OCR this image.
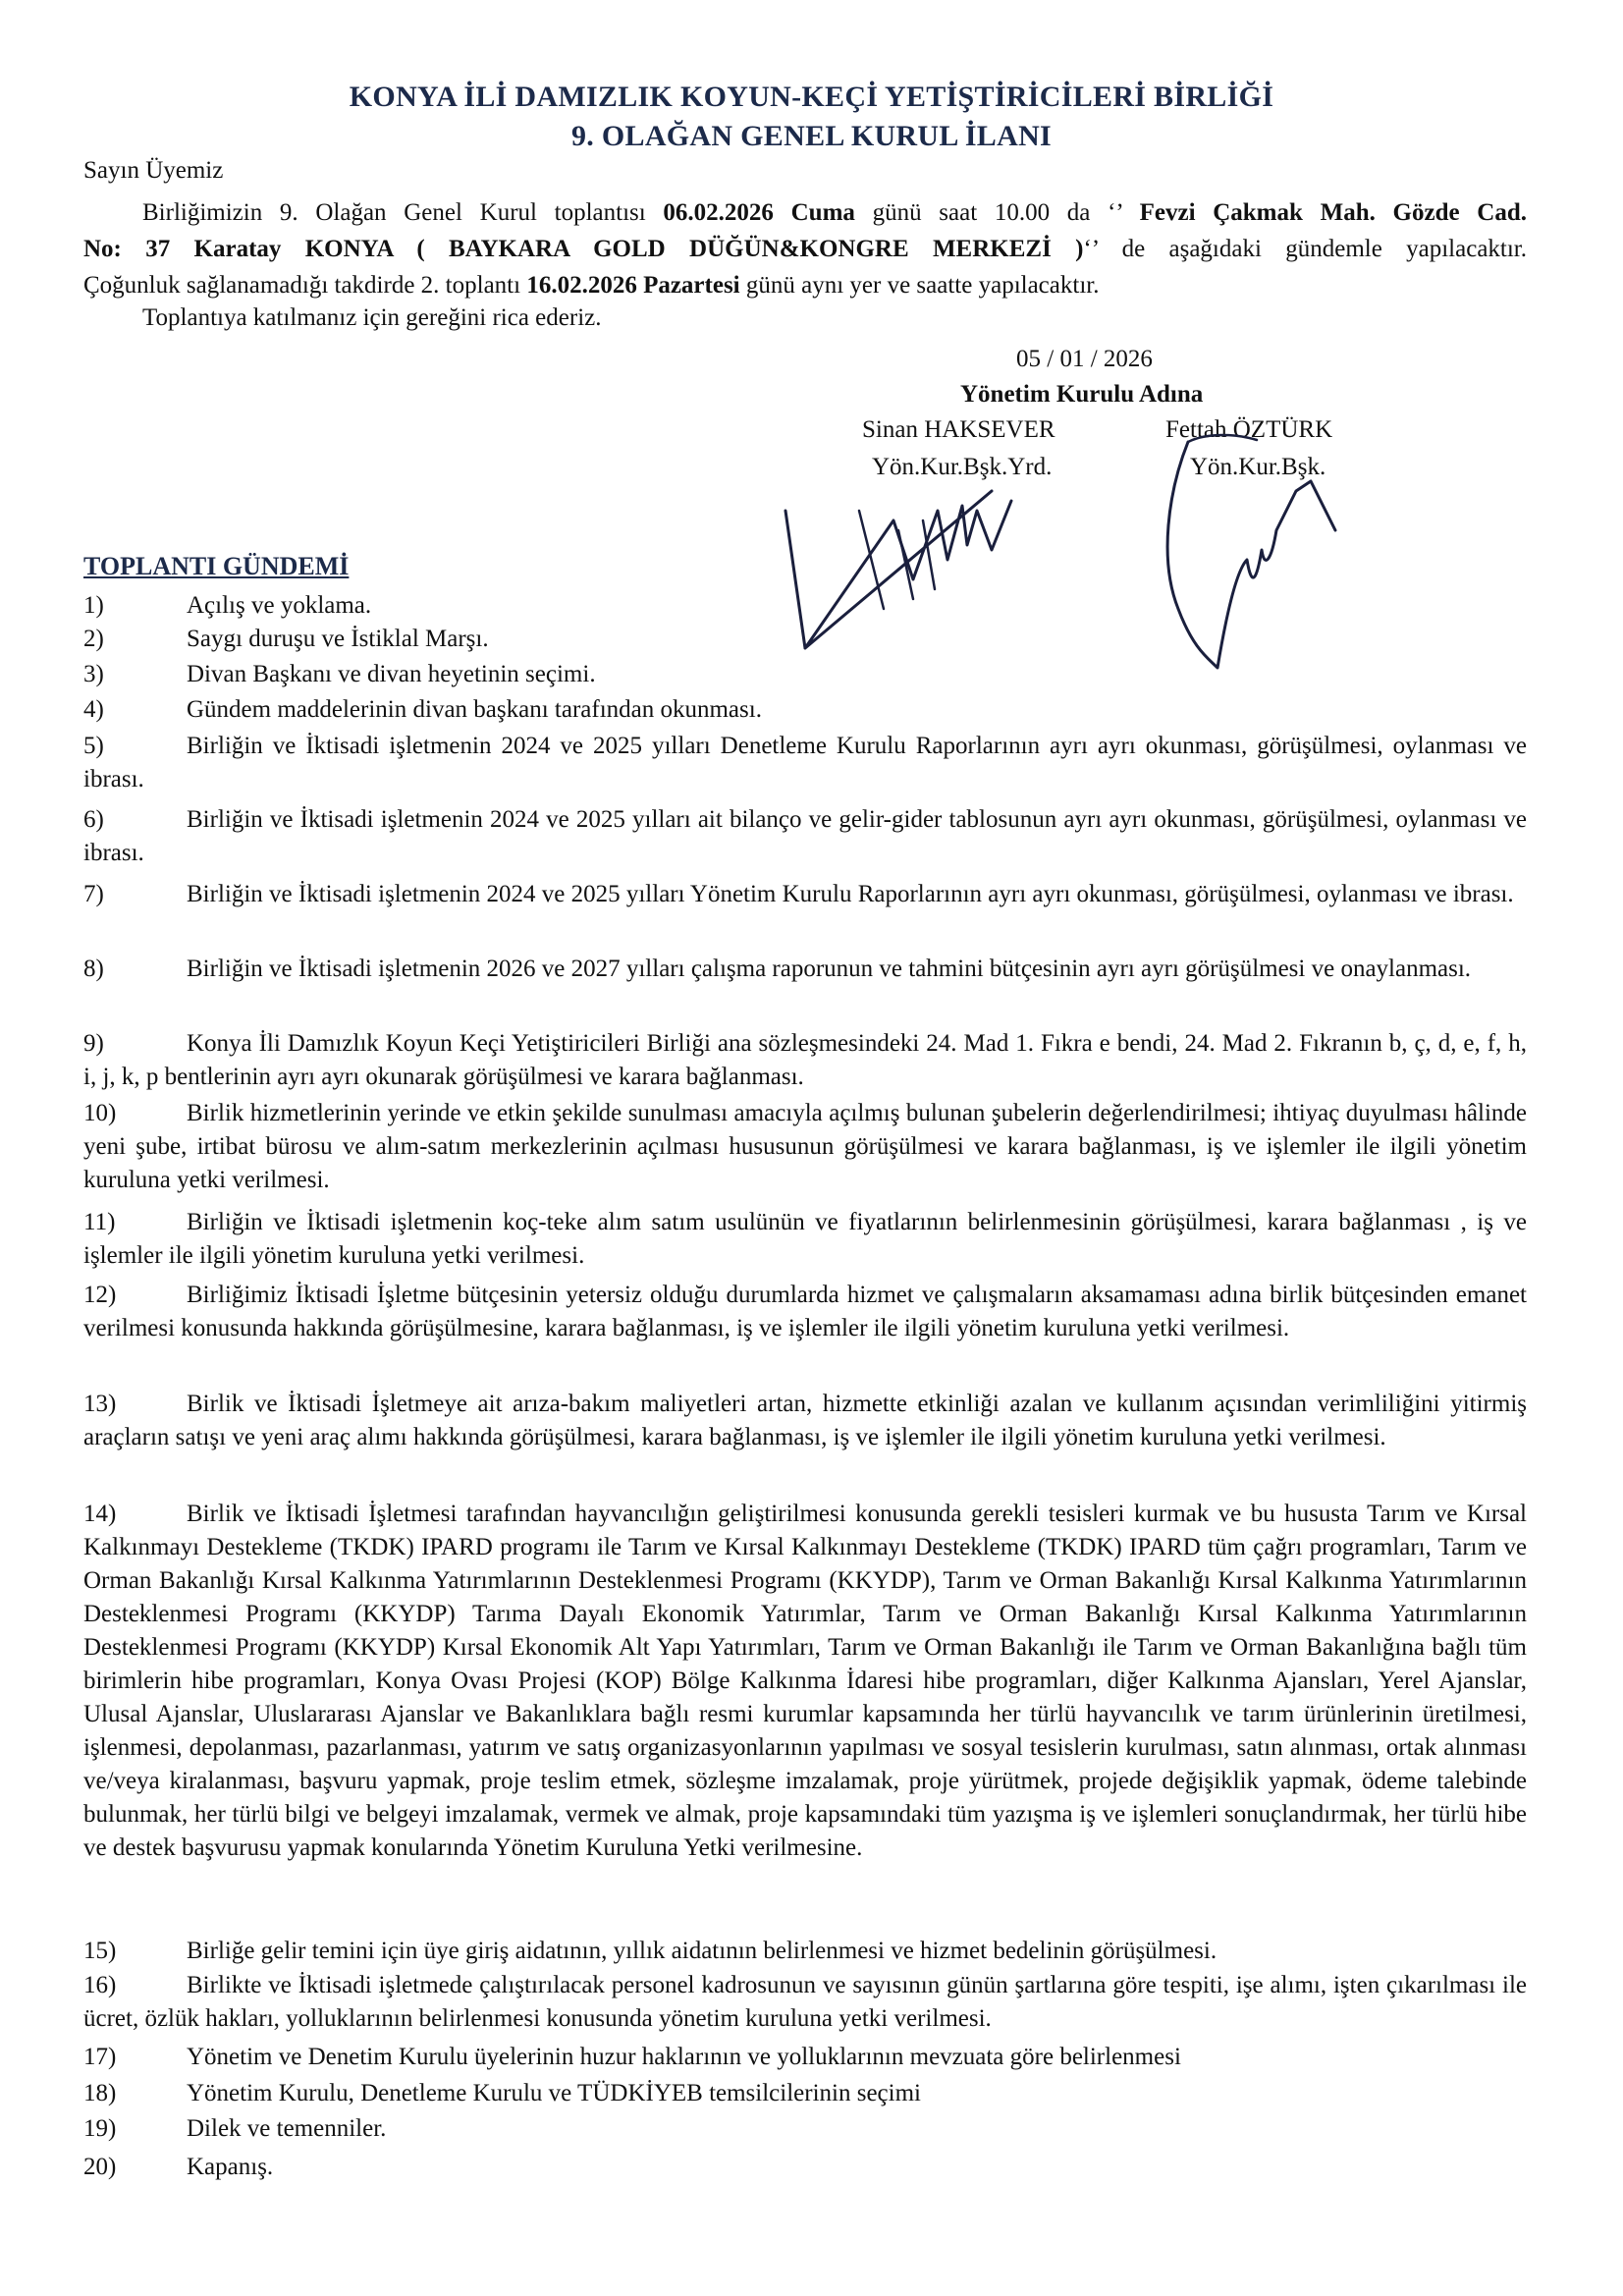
KONYA İLİ DAMIZLIK KOYUN-KEÇİ YETİŞTİRİCİLERİ BİRLİĞİ
9. OLAĞAN GENEL KURUL İLANI
Sayın Üyemiz
Birliğimizin 9. Olağan Genel Kurul toplantısı 06.02.2026 Cuma günü saat 10.00 da ‘’ Fevzi Çakmak Mah. Gözde Cad.
No: 37 Karatay KONYA ( BAYKARA GOLD DÜĞÜN&KONGRE MERKEZİ )‘’ de aşağıdaki gündemle yapılacaktır.
Çoğunluk sağlanamadığı takdirde 2. toplantı 16.02.2026 Pazartesi günü aynı yer ve saatte yapılacaktır.
Toplantıya katılmanız için gereğini rica ederiz.
05 / 01 / 2026
Yönetim Kurulu Adına
Sinan HAKSEVER
Yön.Kur.Bşk.Yrd.
Fettah ÖZTÜRK
Yön.Kur.Bşk.
TOPLANTI GÜNDEMİ
1)	Açılış ve yoklama.
2)	Saygı duruşu ve İstiklal Marşı.
3)	Divan Başkanı ve divan heyetinin seçimi.
4)	Gündem maddelerinin divan başkanı tarafından okunması.
5)	Birliğin ve İktisadi işletmenin 2024 ve 2025 yılları Denetleme Kurulu Raporlarının ayrı ayrı okunması, görüşülmesi, oylanması ve ibrası.
6)	Birliğin ve İktisadi işletmenin 2024 ve 2025 yılları ait bilanço ve gelir-gider tablosunun ayrı ayrı okunması, görüşülmesi, oylanması ve ibrası.
7)	Birliğin ve İktisadi işletmenin 2024 ve 2025 yılları Yönetim Kurulu Raporlarının ayrı ayrı okunması, görüşülmesi, oylanması ve ibrası.
8)	Birliğin ve İktisadi işletmenin 2026 ve 2027 yılları çalışma raporunun ve tahmini bütçesinin ayrı ayrı görüşülmesi ve onaylanması.
9)	Konya İli Damızlık Koyun Keçi Yetiştiricileri Birliği ana sözleşmesindeki 24. Mad 1. Fıkra e bendi, 24. Mad 2. Fıkranın b, ç, d, e, f, h, i, j, k, p bentlerinin ayrı ayrı okunarak görüşülmesi ve karara bağlanması.
10)	Birlik hizmetlerinin yerinde ve etkin şekilde sunulması amacıyla açılmış bulunan şubelerin değerlendirilmesi; ihtiyaç duyulması hâlinde yeni şube, irtibat bürosu ve alım-satım merkezlerinin açılması hususunun görüşülmesi ve karara bağlanması, iş ve işlemler ile ilgili yönetim kuruluna yetki verilmesi.
11)	Birliğin ve İktisadi işletmenin koç-teke alım satım usulünün ve fiyatlarının belirlenmesinin görüşülmesi, karara bağlanması , iş ve işlemler ile ilgili yönetim kuruluna yetki verilmesi.
12)	Birliğimiz İktisadi İşletme bütçesinin yetersiz olduğu durumlarda hizmet ve çalışmaların aksamaması adına birlik bütçesinden emanet verilmesi konusunda hakkında görüşülmesine, karara bağlanması, iş ve işlemler ile ilgili yönetim kuruluna yetki verilmesi.
13)	Birlik ve İktisadi İşletmeye ait arıza-bakım maliyetleri artan, hizmette etkinliği azalan ve kullanım açısından verimliliğini yitirmiş araçların satışı ve yeni araç alımı hakkında görüşülmesi, karara bağlanması, iş ve işlemler ile ilgili yönetim kuruluna yetki verilmesi.
14)	Birlik ve İktisadi İşletmesi tarafından hayvancılığın geliştirilmesi konusunda gerekli tesisleri kurmak ve bu hususta Tarım ve Kırsal Kalkınmayı Destekleme (TKDK) IPARD programı ile Tarım ve Kırsal Kalkınmayı Destekleme (TKDK) IPARD tüm çağrı programları, Tarım ve Orman Bakanlığı Kırsal Kalkınma Yatırımlarının Desteklenmesi Programı (KKYDP), Tarım ve Orman Bakanlığı Kırsal Kalkınma Yatırımlarının Desteklenmesi Programı (KKYDP) Tarıma Dayalı Ekonomik Yatırımlar, Tarım ve Orman Bakanlığı Kırsal Kalkınma Yatırımlarının Desteklenmesi Programı (KKYDP) Kırsal Ekonomik Alt Yapı Yatırımları, Tarım ve Orman Bakanlığı ile Tarım ve Orman Bakanlığına bağlı tüm birimlerin hibe programları, Konya Ovası Projesi (KOP) Bölge Kalkınma İdaresi hibe programları, diğer Kalkınma Ajansları, Yerel Ajanslar, Ulusal Ajanslar, Uluslararası Ajanslar ve Bakanlıklara bağlı resmi kurumlar kapsamında her türlü hayvancılık ve tarım ürünlerinin üretilmesi, işlenmesi, depolanması, pazarlanması, yatırım ve satış organizasyonlarının yapılması ve sosyal tesislerin kurulması, satın alınması, ortak alınması ve/veya kiralanması, başvuru yapmak, proje teslim etmek, sözleşme imzalamak, proje yürütmek, projede değişiklik yapmak, ödeme talebinde bulunmak, her türlü bilgi ve belgeyi imzalamak, vermek ve almak, proje kapsamındaki tüm yazışma iş ve işlemleri sonuçlandırmak, her türlü hibe ve destek başvurusu yapmak konularında Yönetim Kuruluna Yetki verilmesine.
15)	Birliğe gelir temini için üye giriş aidatının, yıllık aidatının belirlenmesi ve hizmet bedelinin görüşülmesi.
16)	Birlikte ve İktisadi işletmede çalıştırılacak personel kadrosunun ve sayısının günün şartlarına göre tespiti, işe alımı, işten çıkarılması ile ücret, özlük hakları, yolluklarının belirlenmesi konusunda yönetim kuruluna yetki verilmesi.
17)	Yönetim ve Denetim Kurulu üyelerinin huzur haklarının ve yolluklarının mevzuata göre belirlenmesi
18)	Yönetim Kurulu, Denetleme Kurulu ve TÜDKİYEB temsilcilerinin seçimi
19)	Dilek ve temenniler.
20)	Kapanış.
